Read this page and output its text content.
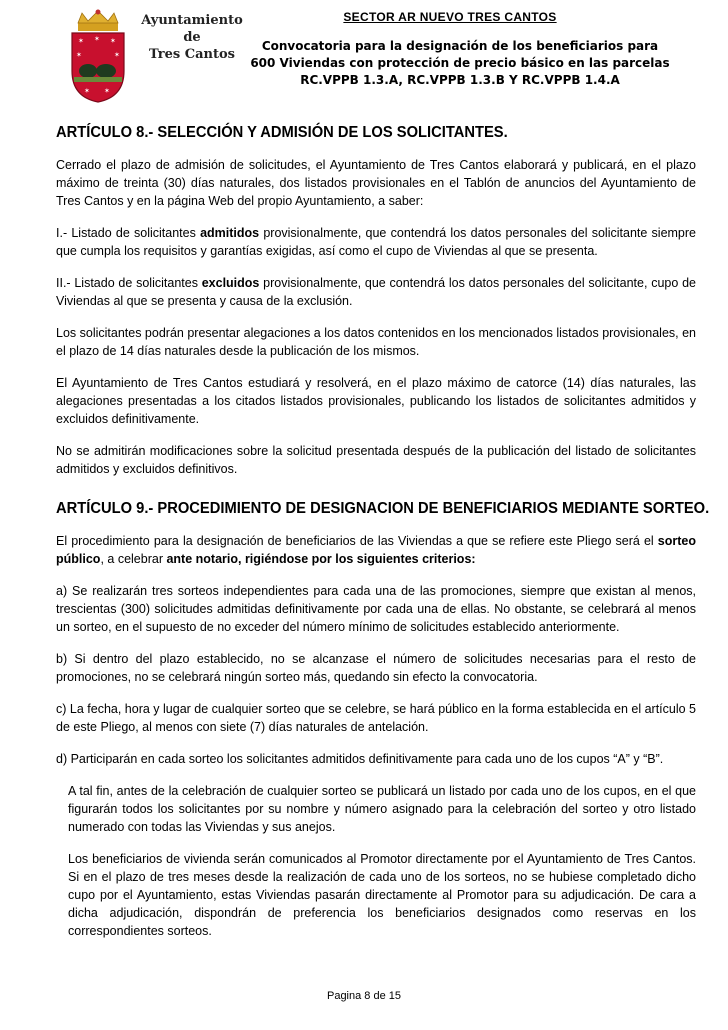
✶ ✶ ✶
✶	✶
✶ ✶
Ayuntamiento
de
Tres Cantos
SECTOR AR NUEVO TRES CANTOS
Convocatoria para la designación de los beneficiarios para
600 Viviendas con protección de precio básico en las parcelas
RC.VPPB 1.3.A, RC.VPPB 1.3.B Y RC.VPPB 1.4.A
ARTÍCULO 8.- SELECCIÓN Y ADMISIÓN DE LOS SOLICITANTES.

Cerrado el plazo de admisión de solicitudes, el Ayuntamiento de Tres Cantos elaborará y publicará, en el plazo máximo de treinta (30) días naturales, dos listados provisionales en el Tablón de anuncios del Ayuntamiento de Tres Cantos y en la página Web del propio Ayuntamiento, a saber:

I.- Listado de solicitantes admitidos provisionalmente, que contendrá los datos personales del solicitante siempre que cumpla los requisitos y garantías exigidas, así como el cupo de Viviendas al que se presenta.

II.- Listado de solicitantes excluidos provisionalmente, que contendrá los datos personales del solicitante, cupo de Viviendas al que se presenta y causa de la exclusión.

Los solicitantes podrán presentar alegaciones a los datos contenidos en los mencionados listados provisionales, en el plazo de 14 días naturales desde la publicación de los mismos.

El Ayuntamiento de Tres Cantos estudiará y resolverá, en el plazo máximo de catorce (14) días naturales, las alegaciones presentadas a los citados listados provisionales, publicando los listados de solicitantes admitidos y excluidos definitivamente.

No se admitirán modificaciones sobre la solicitud presentada después de la publicación del listado de solicitantes admitidos y excluidos definitivos.

ARTÍCULO 9.- PROCEDIMIENTO DE DESIGNACION DE BENEFICIARIOS MEDIANTE SORTEO.

El procedimiento para la designación de beneficiarios de las Viviendas a que se refiere este Pliego será el sorteo público, a celebrar ante notario, rigiéndose por los siguientes criterios:

a) Se realizarán tres sorteos independientes para cada una de las promociones, siempre que existan al menos, trescientas (300) solicitudes admitidas definitivamente por cada una de ellas. No obstante, se celebrará al menos un sorteo, en el supuesto de no exceder del número mínimo de solicitudes establecido anteriormente.

b) Si dentro del plazo establecido, no se alcanzase el número de solicitudes necesarias para el resto de promociones, no se celebrará ningún sorteo más, quedando sin efecto la convocatoria.

c) La fecha, hora y lugar de cualquier sorteo que se celebre, se hará público en la forma establecida en el artículo 5 de este Pliego, al menos con siete (7) días naturales de antelación.

d) Participarán en cada sorteo los solicitantes admitidos definitivamente para cada uno de los cupos “A” y “B”.

A tal fin, antes de la celebración de cualquier sorteo se publicará un listado por cada uno de los cupos, en el que figurarán todos los solicitantes por su nombre y número asignado para la celebración del sorteo y otro listado numerado con todas las Viviendas y sus anejos.

Los beneficiarios de vivienda serán comunicados al Promotor directamente por el Ayuntamiento de Tres Cantos. Si en el plazo de tres meses desde la realización de cada uno de los sorteos, no se hubiese completado dicho cupo por el Ayuntamiento, estas Viviendas pasarán directamente al Promotor para su adjudicación. De cara a dicha adjudicación, dispondrán de preferencia los beneficiarios designados como reservas en los correspondientes sorteos.

Pagina 8 de 15
